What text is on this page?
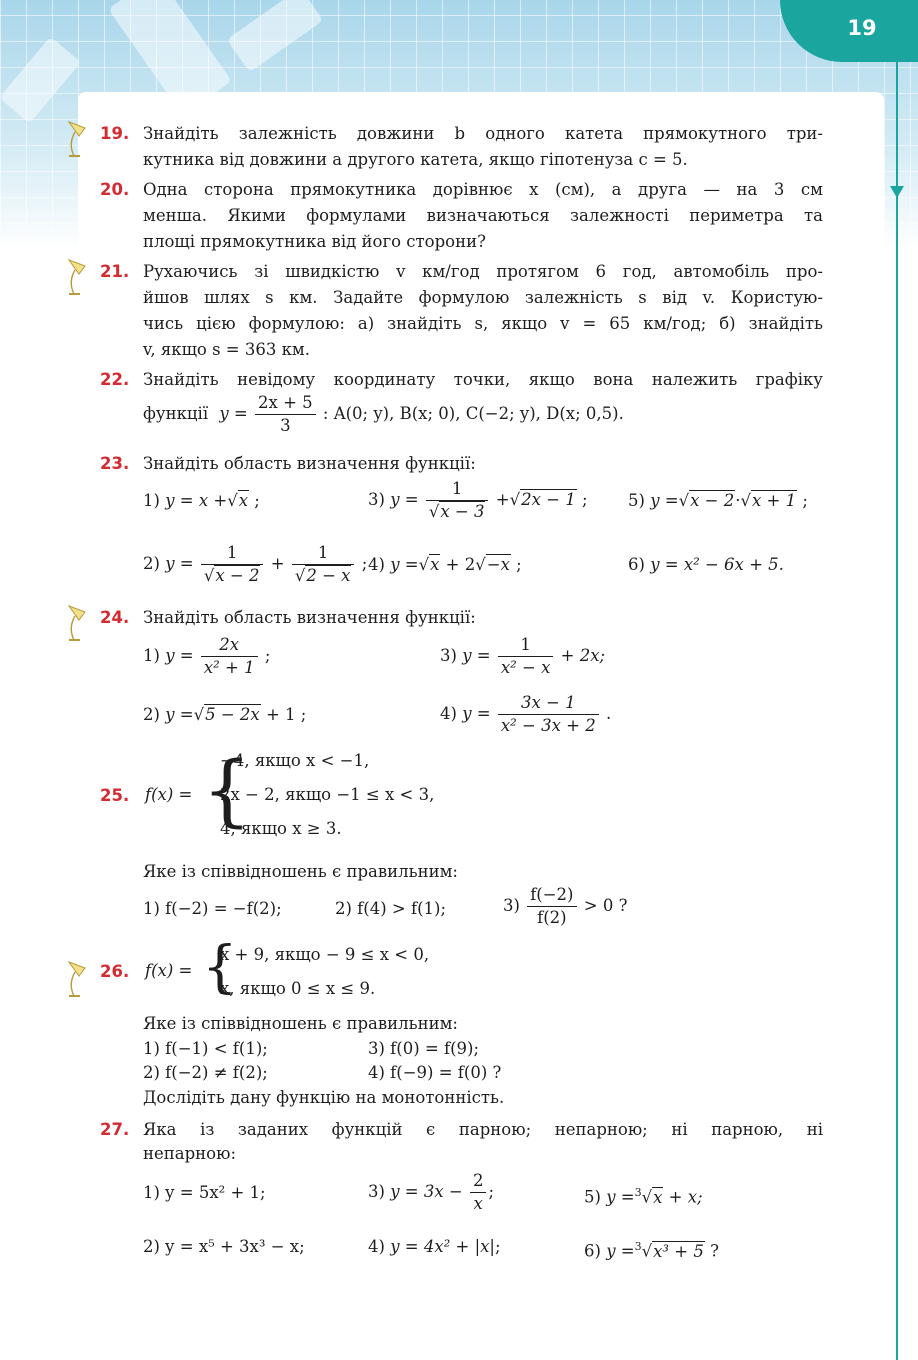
19
19. Знайдіть залежність довжини b одного катета прямокутного три-
кутника від довжини a другого катета, якщо гіпотенуза c = 5.
20. Одна сторона прямокутника дорівнює x (см), а друга — на 3 см
менша. Якими формулами визначаються залежності периметра та
площі прямокутника від його сторони?
21. Рухаючись зі швидкістю v км/год протягом 6 год, автомобіль про-
йшов шлях s км. Задайте формулою залежність s від v. Користую-
чись цією формулою: а) знайдіть s, якщо v = 65 км/год; б) знайдіть
v, якщо s = 363 км.
22. Знайдіть невідому координату точки, якщо вона належить графіку
функції $y = \frac{2x + 5}{3}$ : A(0; y), B(x; 0), C(−2; y), D(x; 0,5).
23. Знайдіть область визначення функції:
1) y = x +√x ;	3) $y = \frac{1}{√x - 3} +√2x - 1$ ; 5) y =√x − 2·√x + 1 ;
2) $y = \frac{1}{√x - 2} + \frac{1}{√2 - x}$ ; 4) y =√x + 2√−x ;	6) y = x² − 6x + 5.
24. Знайдіть область визначення функції:
1) $y = \frac{2x}{\text{x² + 1}}$ ;	3) $y = \frac{1}{\text{x² − x}} + 2x$;
2) y =√5 − 2x + 1 ;	4) $y = \frac{3x - 1}{\text{x² − 3x + 2}}$ .
25. f(x) = {
−4, якщо x < −1,
2x − 2, якщо −1 ≤ x < 3,
4, якщо x ≥ 3.
Яке із співвідношень є правильним:
1) f(−2) = −f(2);	2) f(4) > f(1);	$3) \frac{f(-2)}{f(2)} > 0$ ?
26. f(x) = {
x + 9, якщо − 9 ≤ x < 0,
x, якщо 0 ≤ x ≤ 9.
Яке із співвідношень є правильним:
1) f(−1) < f(1);	3) f(0) = f(9);
2) f(−2) ≠ f(2);	4) f(−9) = f(0) ?
Дослідіть дану функцію на монотонність.
27. Яка із заданих функцій є парною; непарною; ні парною, ні
непарною:
1) y = 5x² + 1;	3) $y = 3x - \frac{2}{x}$ ;	5) y =$^3$√x + x;
2) y = x⁵ + 3x³ − x;	4) y = 4x² + |x|;	6) y =$^3$√x³ + 5 ?
